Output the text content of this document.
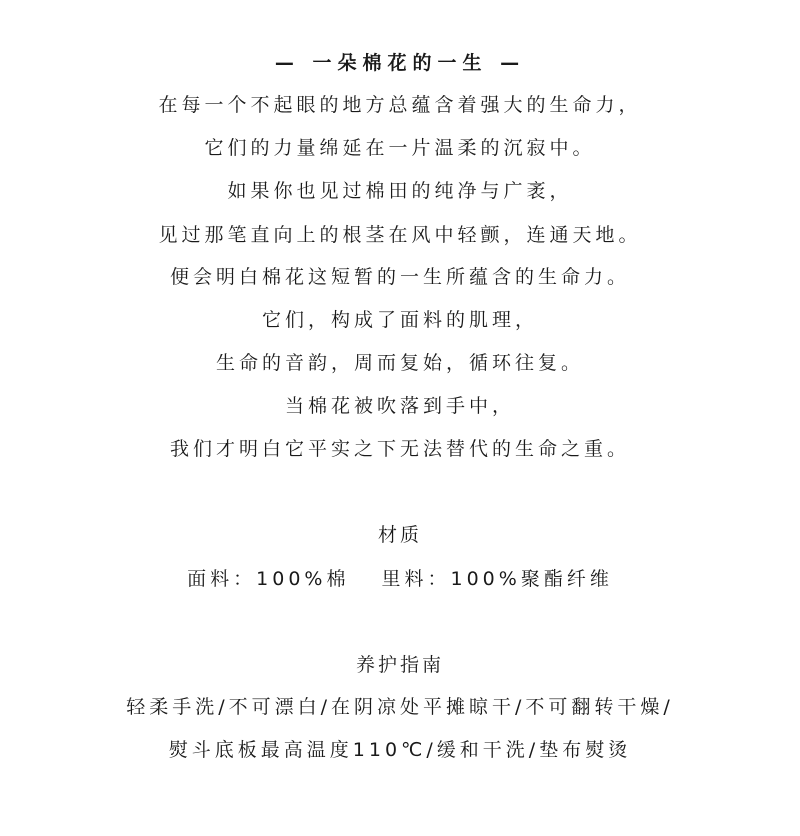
— 一朵棉花的一生 —
在每一个不起眼的地方总蕴含着强大的生命力，
它们的力量绵延在一片温柔的沉寂中。
如果你也见过棉田的纯净与广袤，
见过那笔直向上的根茎在风中轻颤，连通天地。
便会明白棉花这短暂的一生所蕴含的生命力。
它们，构成了面料的肌理，
生命的音韵，周而复始，循环往复。
当棉花被吹落到手中，
我们才明白它平实之下无法替代的生命之重。
材质
面料：100%棉 里料：100%聚酯纤维
养护指南
轻柔手洗/不可漂白/在阴凉处平摊晾干/不可翻转干燥/
熨斗底板最高温度110℃/缓和干洗/垫布熨烫
